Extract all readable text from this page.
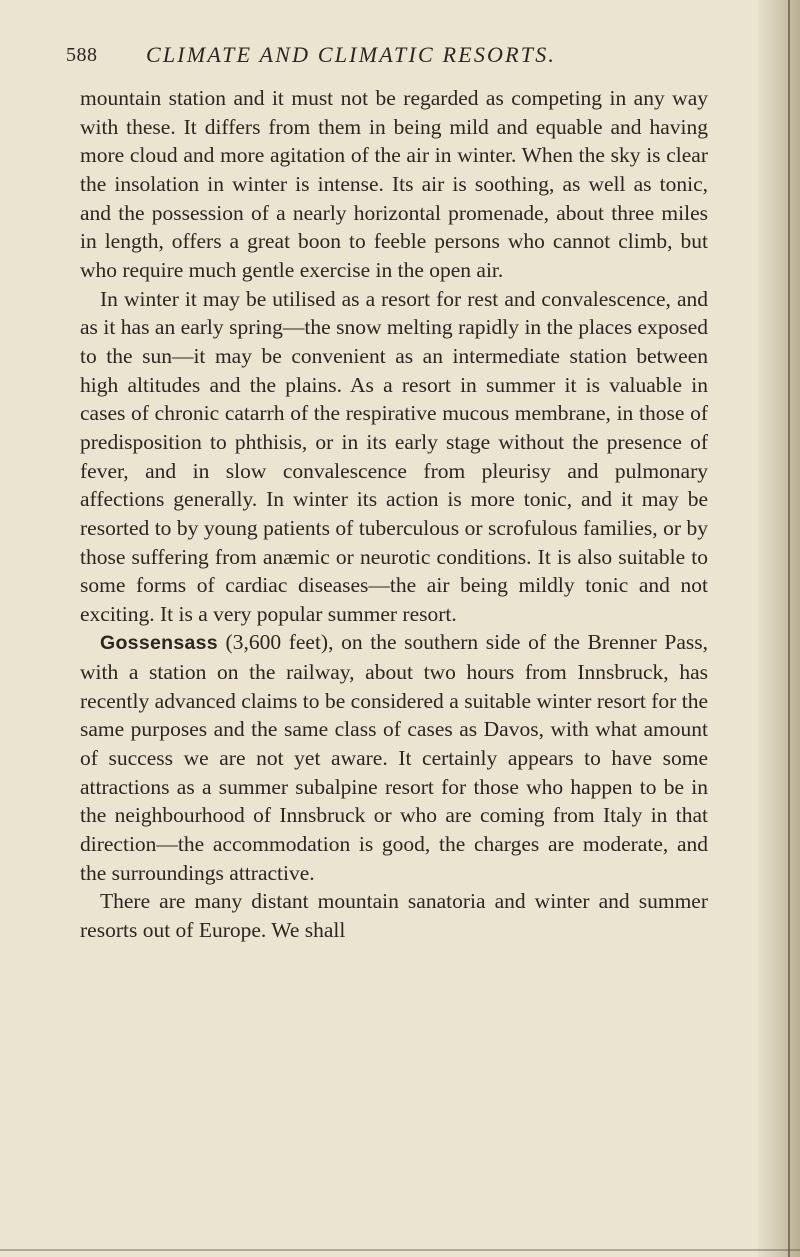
588 CLIMATE AND CLIMATIC RESORTS.

mountain station and it must not be regarded as competing in any way with these. It differs from them in being mild and equable and having more cloud and more agitation of the air in winter. When the sky is clear the insolation in winter is intense. Its air is soothing, as well as tonic, and the possession of a nearly horizontal promenade, about three miles in length, offers a great boon to feeble persons who cannot climb, but who require much gentle exercise in the open air.

In winter it may be utilised as a resort for rest and convalescence, and as it has an early spring—the snow melting rapidly in the places exposed to the sun—it may be convenient as an intermediate station between high altitudes and the plains. As a resort in summer it is valuable in cases of chronic catarrh of the respirative mucous membrane, in those of predisposition to phthisis, or in its early stage without the presence of fever, and in slow convalescence from pleurisy and pulmonary affections generally. In winter its action is more tonic, and it may be resorted to by young patients of tuberculous or scrofulous families, or by those suffering from anæmic or neurotic conditions. It is also suitable to some forms of cardiac diseases—the air being mildly tonic and not exciting. It is a very popular summer resort.

Gossensass (3,600 feet), on the southern side of the Brenner Pass, with a station on the railway, about two hours from Innsbruck, has recently advanced claims to be considered a suitable winter resort for the same purposes and the same class of cases as Davos, with what amount of success we are not yet aware. It certainly appears to have some attractions as a summer subalpine resort for those who happen to be in the neighbourhood of Innsbruck or who are coming from Italy in that direction—the accommodation is good, the charges are moderate, and the surroundings attractive.

There are many distant mountain sanatoria and winter and summer resorts out of Europe. We shall
